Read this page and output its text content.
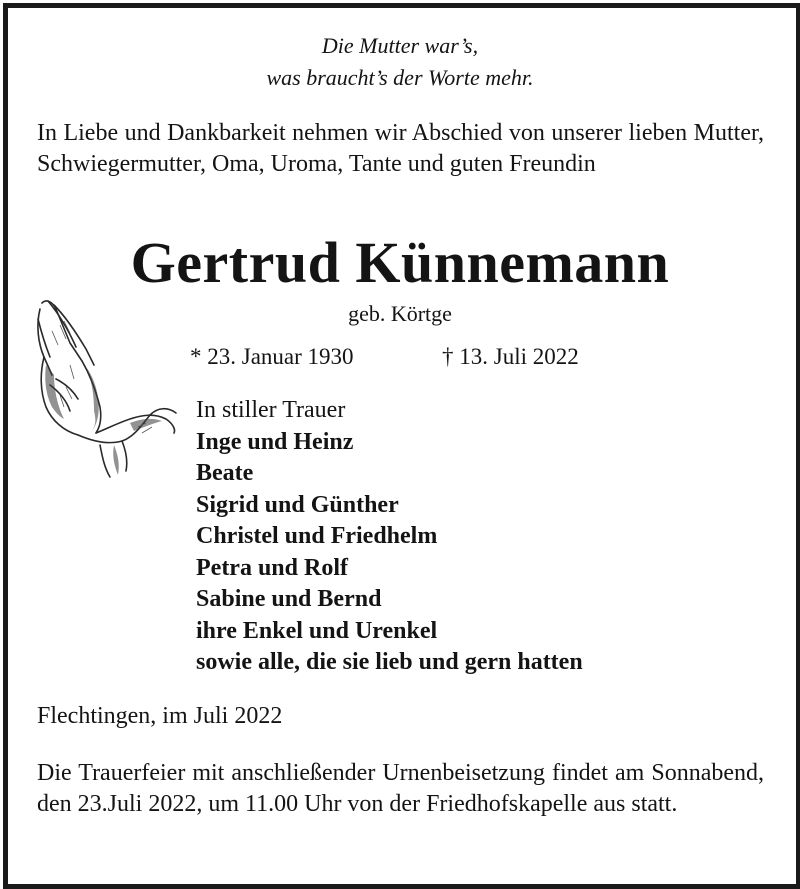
Die Mutter war’s,
was braucht’s der Worte mehr.
In Liebe und Dankbarkeit nehmen wir Abschied von unserer lieben Mutter, Schwiegermutter, Oma, Uroma, Tante und guten Freundin
Gertrud Künnemann
geb. Körtge
* 23. Januar 1930	† 13. Juli 2022
In stiller Trauer
Inge und Heinz
Beate
Sigrid und Günther
Christel und Friedhelm
Petra und Rolf
Sabine und Bernd
ihre Enkel und Urenkel
sowie alle, die sie lieb und gern hatten
Flechtingen, im Juli 2022
Die Trauerfeier mit anschließender Urnenbeisetzung findet am Sonnabend, den 23.Juli 2022, um 11.00 Uhr von der Friedhofskapelle aus statt.
